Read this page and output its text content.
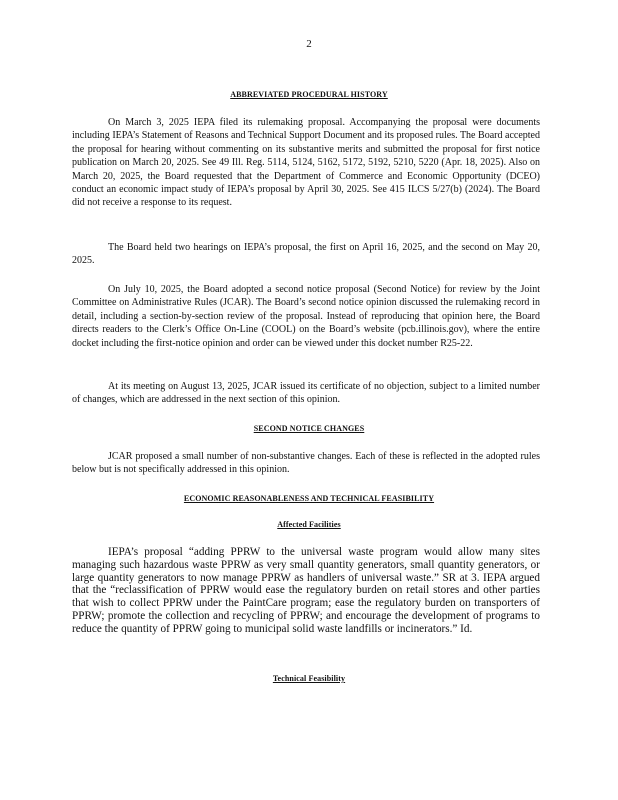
2
ABBREVIATED PROCEDURAL HISTORY

On March 3, 2025 IEPA filed its rulemaking proposal. Accompanying the proposal were documents including IEPA’s Statement of Reasons and Technical Support Document and its proposed rules. The Board accepted the proposal for hearing without commenting on its substantive merits and submitted the proposal for first notice publication on March 20, 2025. See 49 Ill. Reg. 5114, 5124, 5162, 5172, 5192, 5210, 5220 (Apr. 18, 2025). Also on March 20, 2025, the Board requested that the Department of Commerce and Economic Opportunity (DCEO) conduct an economic impact study of IEPA’s proposal by April 30, 2025. See 415 ILCS 5/27(b) (2024). The Board did not receive a response to its request.

The Board held two hearings on IEPA’s proposal, the first on April 16, 2025, and the second on May 20, 2025.

On July 10, 2025, the Board adopted a second notice proposal (Second Notice) for review by the Joint Committee on Administrative Rules (JCAR). The Board’s second notice opinion discussed the rulemaking record in detail, including a section-by-section review of the proposal. Instead of reproducing that opinion here, the Board directs readers to the Clerk’s Office On-Line (COOL) on the Board’s website (pcb.illinois.gov), where the entire docket including the first-notice opinion and order can be viewed under this docket number R25-22.

At its meeting on August 13, 2025, JCAR issued its certificate of no objection, subject to a limited number of changes, which are addressed in the next section of this opinion.

SECOND NOTICE CHANGES

JCAR proposed a small number of non-substantive changes. Each of these is reflected in the adopted rules below but is not specifically addressed in this opinion.

ECONOMIC REASONABLENESS AND TECHNICAL FEASIBILITY
Affected Facilities

IEPA’s proposal “adding PPRW to the universal waste program would allow many sites managing such hazardous waste PPRW as very small quantity generators, small quantity generators, or large quantity generators to now manage PPRW as handlers of universal waste.” SR at 3. IEPA argued that the “reclassification of PPRW would ease the regulatory burden on retail stores and other parties that wish to collect PPRW under the PaintCare program; ease the regulatory burden on transporters of PPRW; promote the collection and recycling of PPRW; and encourage the development of programs to reduce the quantity of PPRW going to municipal solid waste landfills or incinerators.” Id.

Technical Feasibility
